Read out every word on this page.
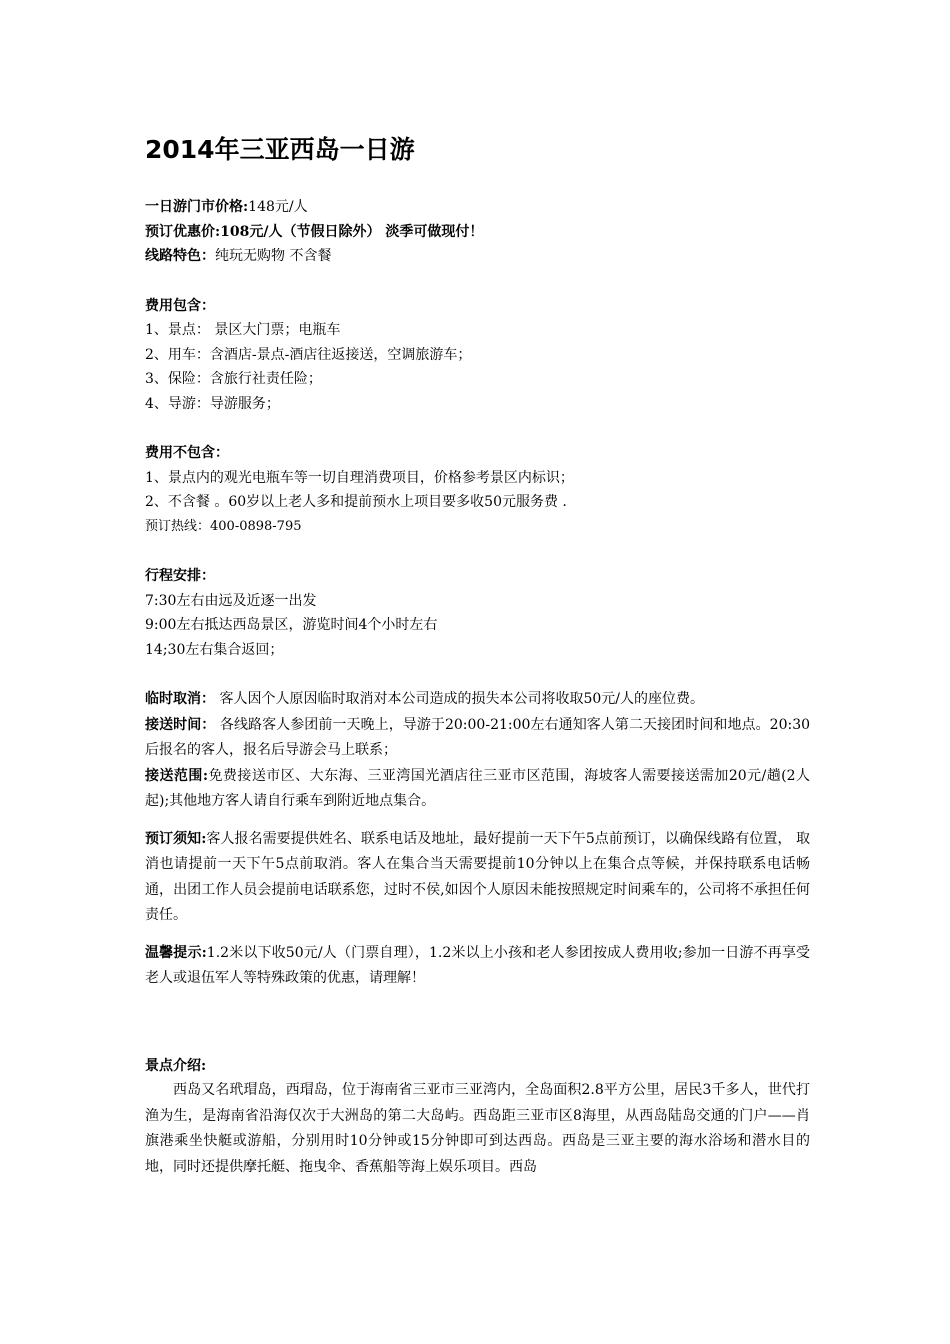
2014年三亚西岛一日游
一日游门市价格:148元/人
预订优惠价:108元/人（节假日除外） 淡季可做现付！
线路特色：纯玩无购物 不含餐
费用包含：
1、景点： 景区大门票；电瓶车
2、用车：含酒店-景点-酒店往返接送，空调旅游车；
3、保险：含旅行社责任险；
4、导游：导游服务；
费用不包含：
1、景点内的观光电瓶车等一切自理消费项目，价格参考景区内标识；
2、不含餐 。60岁以上老人多和提前预水上项目要多收50元服务费 .
预订热线：400-0898-795
行程安排：
7:30左右由远及近逐一出发
9:00左右抵达西岛景区，游览时间4个小时左右
14;30左右集合返回；
临时取消： 客人因个人原因临时取消对本公司造成的损失本公司将收取50元/人的座位费。
接送时间： 各线路客人参团前一天晚上，导游于20:00-21:00左右通知客人第二天接团时间和地点。20:30后报名的客人，报名后导游会马上联系；
接送范围:免费接送市区、大东海、三亚湾国光酒店往三亚市区范围，海坡客人需要接送需加20元/趟(2人起);其他地方客人请自行乘车到附近地点集合。
预订须知:客人报名需要提供姓名、联系电话及地址，最好提前一天下午5点前预订，以确保线路有位置， 取消也请提前一天下午5点前取消。客人在集合当天需要提前10分钟以上在集合点等候，并保持联系电话畅通，出团工作人员会提前电话联系您，过时不侯,如因个人原因未能按照规定时间乘车的，公司将不承担任何责任。
温馨提示:1.2米以下收50元/人（门票自理），1.2米以上小孩和老人参团按成人费用收;参加一日游不再享受老人或退伍军人等特殊政策的优惠，请理解！
景点介绍:
西岛又名玳瑁岛，西瑁岛，位于海南省三亚市三亚湾内，全岛面积2.8平方公里，居民3千多人，世代打渔为生，是海南省沿海仅次于大洲岛的第二大岛屿。西岛距三亚市区8海里，从西岛陆岛交通的门户——肖旗港乘坐快艇或游船，分别用时10分钟或15分钟即可到达西岛。西岛是三亚主要的海水浴场和潜水目的地，同时还提供摩托艇、拖曳伞、香蕉船等海上娱乐项目。西岛
